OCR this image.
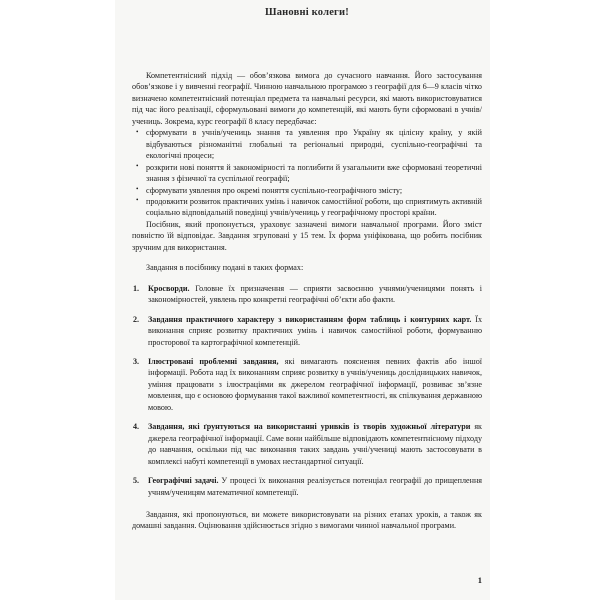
Шановні колеги!

Компетентнісний підхід — обов’язкова вимога до сучасного навчання. Його застосування обов’язкове і у вивченні географії. Чинною навчальною програмою з географії для 6—9 класів чітко визначено компетентнісний потенціал предмета та навчальні ресурси, які мають використовуватися під час його реалізації, сформульовані вимоги до компетенцій, які мають бути сформовані в учнів/учениць. Зокрема, курс географії 8 класу передбачає:

• сформувати в учнів/учениць знання та уявлення про Україну як цілісну країну, у якій відбуваються різноманітні глобальні та регіональні природні, суспільно-географічні та екологічні процеси;
• розкрити нові поняття й закономірності та поглибити й узагальнити вже сформовані теоретичні знання з фізичної та суспільної географії;
• сформувати уявлення про окремі поняття суспільно-географічного змісту;
• продовжити розвиток практичних умінь і навичок самостійної роботи, що сприятимуть активній соціально відповідальній поведінці учнів/учениць у географічному просторі країни.

Посібник, який пропонується, ураховує зазначені вимоги навчальної програми. Його зміст повністю їй відповідає. Завдання згруповані у 15 тем. Їх форма уніфікована, що робить посібник зручним для використання.

Завдання в посібнику подані в таких формах:

Кросворди. Головне їх призначення — сприяти засвоєнню учнями/ученицями понять і закономірностей, уявлень про конкретні географічні об’єкти або факти.
Завдання практичного характеру з використанням форм таблиць і контурних карт. Їх виконання сприяє розвитку практичних умінь і навичок самостійної роботи, формуванню просторової та картографічної компетенцій.
Ілюстровані проблемні завдання, які вимагають пояснення певних фактів або іншої інформації. Робота над їх виконанням сприяє розвитку в учнів/учениць дослідницьких навичок, уміння працювати з ілюстраціями як джерелом географічної інформації, розвиває зв’язне мовлення, що є основою формування такої важливої компетентності, як спілкування державною мовою.
Завдання, які ґрунтуються на використанні уривків із творів художньої літератури як джерела географічної інформації. Саме вони найбільше відповідають компетентнісному підходу до навчання, оскільки під час виконання таких завдань учні/учениці мають застосовувати в комплексі набуті компетенції в умовах нестандартної ситуації.
Географічні задачі. У процесі їх виконання реалізується потенціал географії до прищеплення учням/ученицям математичної компетенції.

Завдання, які пропонуються, ви можете використовувати на різних етапах уроків, а також як домашні завдання. Оцінювання здійснюється згідно з вимогами чинної навчальної програми.

1
